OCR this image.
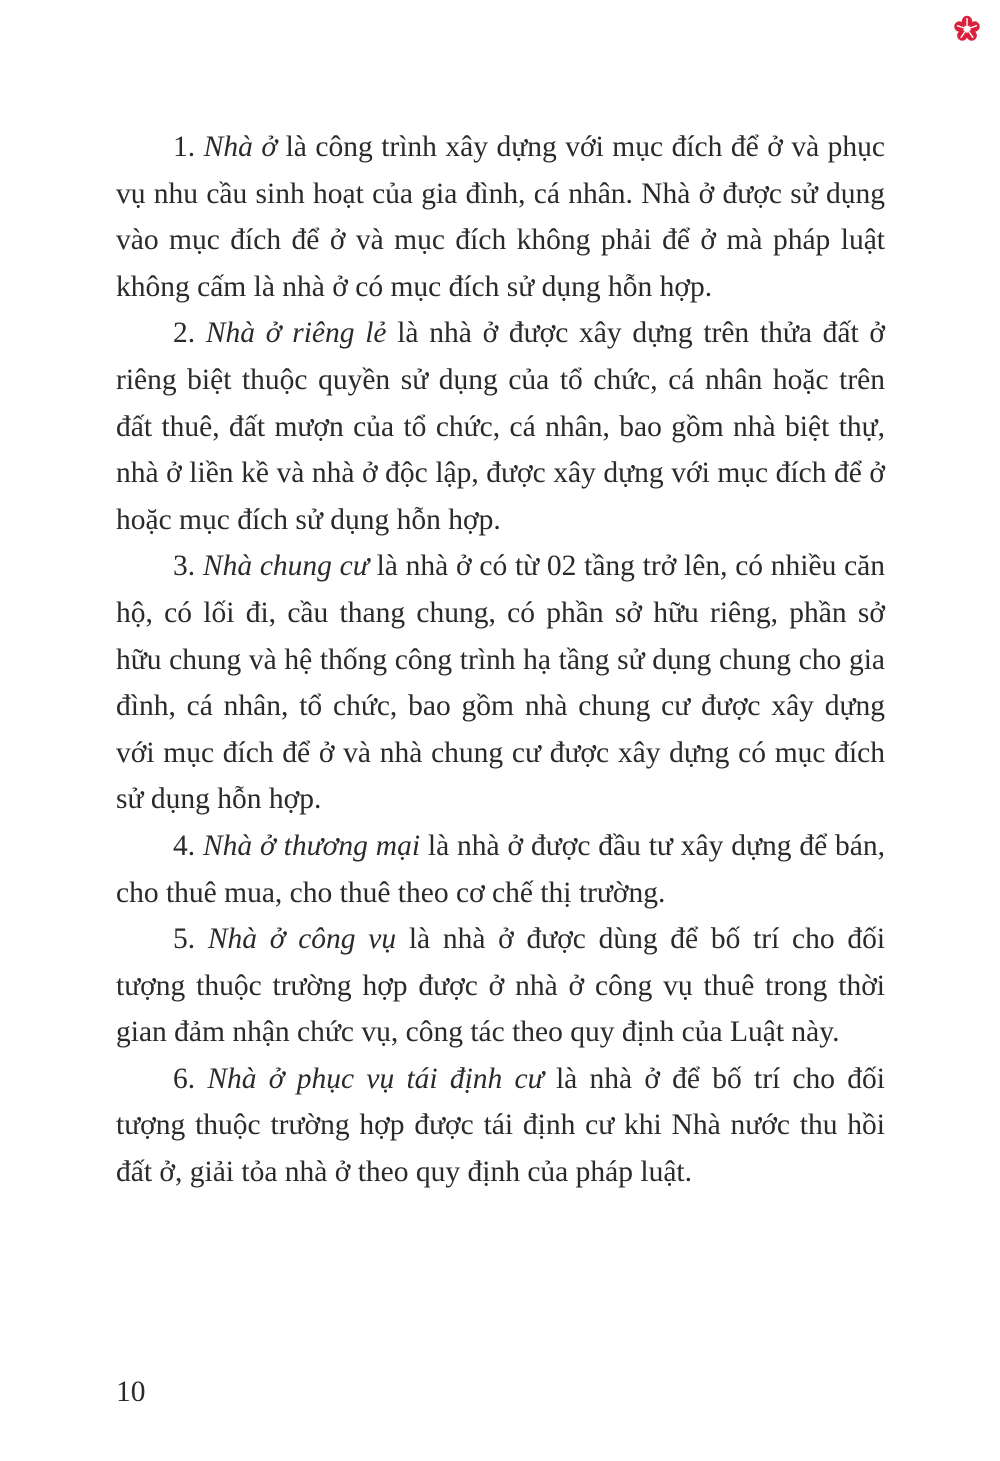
1. Nhà ở là công trình xây dựng với mục đích để ở và phục vụ nhu cầu sinh hoạt của gia đình, cá nhân. Nhà ở được sử dụng vào mục đích để ở và mục đích không phải để ở mà pháp luật không cấm là nhà ở có mục đích sử dụng hỗn hợp.

2. Nhà ở riêng lẻ là nhà ở được xây dựng trên thửa đất ở riêng biệt thuộc quyền sử dụng của tổ chức, cá nhân hoặc trên đất thuê, đất mượn của tổ chức, cá nhân, bao gồm nhà biệt thự, nhà ở liền kề và nhà ở độc lập, được xây dựng với mục đích để ở hoặc mục đích sử dụng hỗn hợp.

3. Nhà chung cư là nhà ở có từ 02 tầng trở lên, có nhiều căn hộ, có lối đi, cầu thang chung, có phần sở hữu riêng, phần sở hữu chung và hệ thống công trình hạ tầng sử dụng chung cho gia đình, cá nhân, tổ chức, bao gồm nhà chung cư được xây dựng với mục đích để ở và nhà chung cư được xây dựng có mục đích sử dụng hỗn hợp.

4. Nhà ở thương mại là nhà ở được đầu tư xây dựng để bán, cho thuê mua, cho thuê theo cơ chế thị trường.

5. Nhà ở công vụ là nhà ở được dùng để bố trí cho đối tượng thuộc trường hợp được ở nhà ở công vụ thuê trong thời gian đảm nhận chức vụ, công tác theo quy định của Luật này.

6. Nhà ở phục vụ tái định cư là nhà ở để bố trí cho đối tượng thuộc trường hợp được tái định cư khi Nhà nước thu hồi đất ở, giải tỏa nhà ở theo quy định của pháp luật.

10
